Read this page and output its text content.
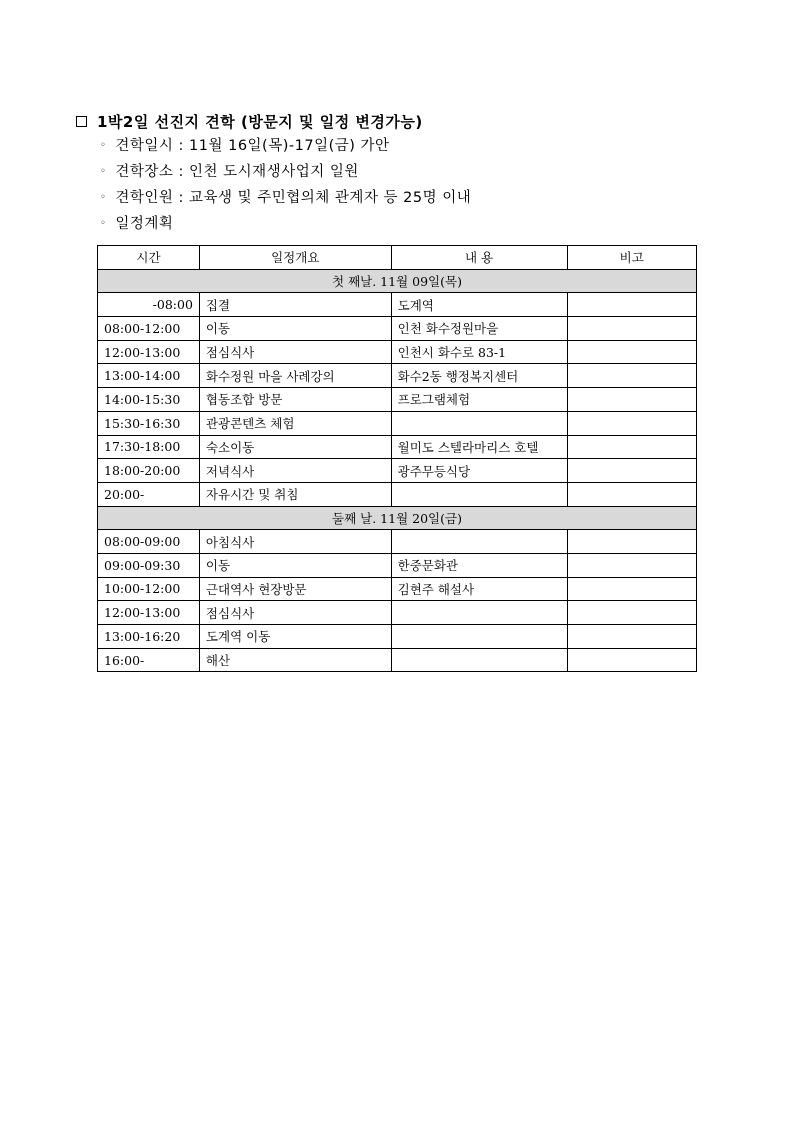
1박2일 선진지 견학 (방문지 및 일정 변경가능)
◦ 견학일시 : 11월 16일(목)-17일(금) 가안
◦ 견학장소 : 인천 도시재생사업지 일원
◦ 견학인원 : 교육생 및 주민협의체 관계자 등 25명 이내
◦ 일정계획
시간	일정개요	내 용	비고
첫 째날. 11월 09일(목)			
-08:00	집결	도계역	
08:00-12:00	이동	인천 화수정원마을	
12:00-13:00	점심식사	인천시 화수로 83-1	
13:00-14:00	화수정원 마을 사례강의	화수2동 행정복지센터	
14:00-15:30	협동조합 방문	프로그램체험	
15:30-16:30	관광콘텐츠 체험		
17:30-18:00	숙소이동	월미도 스텔라마리스 호텔	
18:00-20:00	저녁식사	광주무등식당	
20:00-	자유시간 및 취침		
둘째 날. 11월 20일(금)			
08:00-09:00	아침식사		
09:00-09:30	이동	한중문화관	
10:00-12:00	근대역사 현장방문	김현주 해설사	
12:00-13:00	점심식사		
13:00-16:20	도계역 이동		
16:00-	해산		
